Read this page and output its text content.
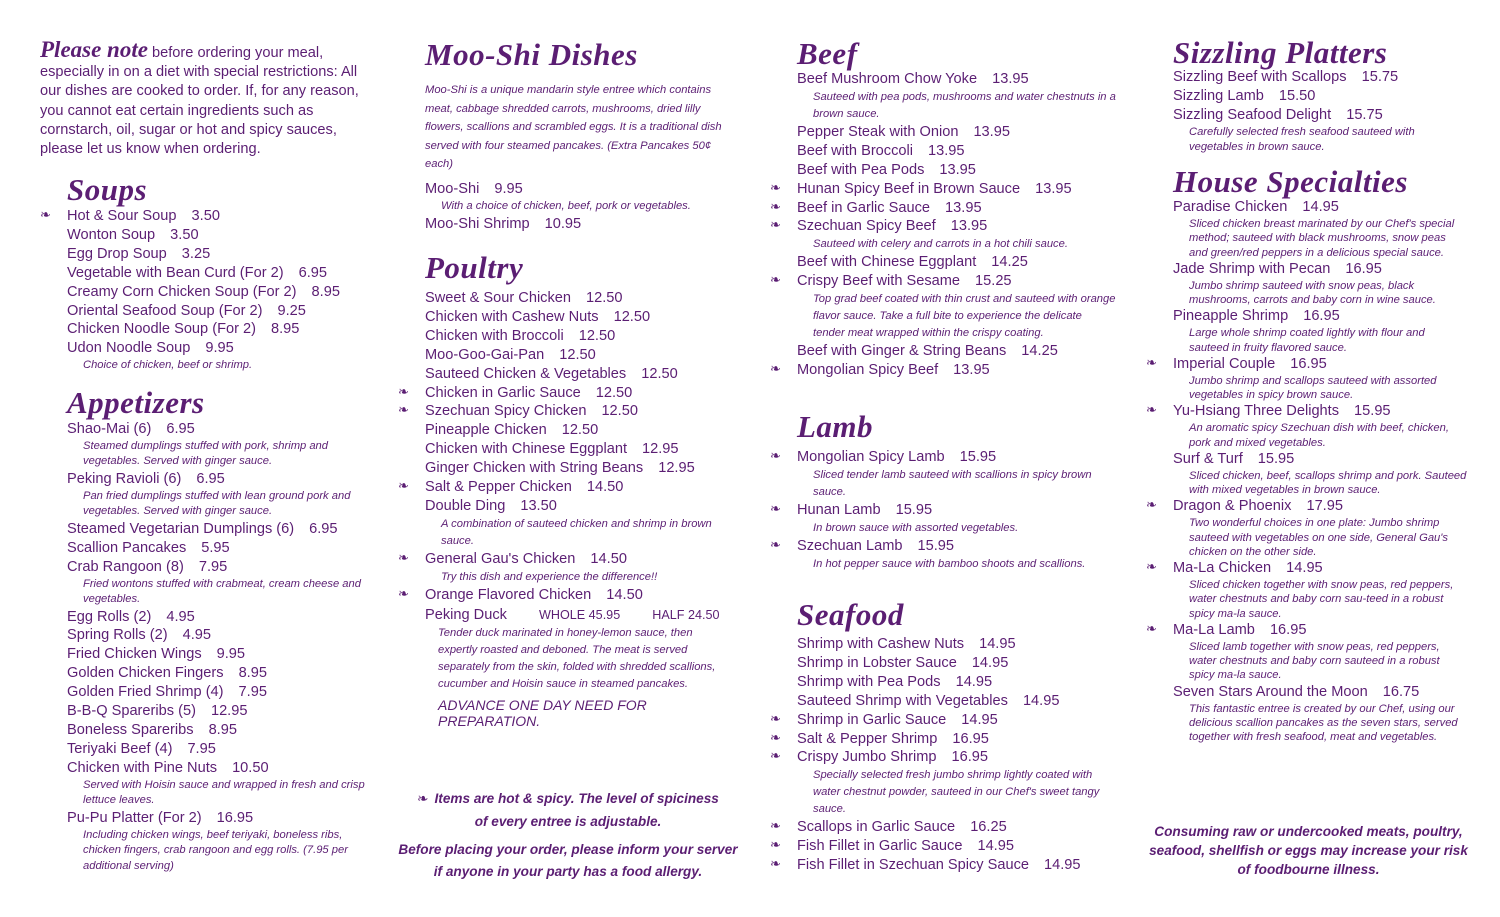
Please note before ordering your meal, especially in on a diet with special restrictions: All our dishes are cooked to order. If, for any reason, you cannot eat certain ingredients such as cornstarch, oil, sugar or hot and spicy sauces, please let us know when ordering.

Soups
❧ Hot & Sour Soup 3.50
Wonton Soup 3.50
Egg Drop Soup 3.25
Vegetable with Bean Curd (For 2) 6.95
Creamy Corn Chicken Soup (For 2) 8.95
Oriental Seafood Soup (For 2) 9.25
Chicken Noodle Soup (For 2) 8.95
Udon Noodle Soup 9.95
Choice of chicken, beef or shrimp.
Appetizers
Shao-Mai (6) 6.95
Steamed dumplings stuffed with pork, shrimp and vegetables. Served with ginger sauce.
Peking Ravioli (6) 6.95
Pan fried dumplings stuffed with lean ground pork and vegetables. Served with ginger sauce.
Steamed Vegetarian Dumplings (6) 6.95
Scallion Pancakes 5.95
Crab Rangoon (8) 7.95
Fried wontons stuffed with crabmeat, cream cheese and vegetables.
Egg Rolls (2) 4.95
Spring Rolls (2) 4.95
Fried Chicken Wings 9.95
Golden Chicken Fingers 8.95
Golden Fried Shrimp (4) 7.95
B-B-Q Spareribs (5) 12.95
Boneless Spareribs 8.95
Teriyaki Beef (4) 7.95
Chicken with Pine Nuts 10.50
Served with Hoisin sauce and wrapped in fresh and crisp lettuce leaves.
Pu-Pu Platter (For 2) 16.95
Including chicken wings, beef teriyaki, boneless ribs, chicken fingers, crab rangoon and egg rolls. (7.95 per additional serving)
Moo-Shi Dishes

Moo-Shi is a unique mandarin style entree which contains meat, cabbage shredded carrots, mushrooms, dried lilly flowers, scallions and scrambled eggs. It is a traditional dish served with four steamed pancakes. (Extra Pancakes 50¢ each)

Moo-Shi 9.95
With a choice of chicken, beef, pork or vegetables.
Moo-Shi Shrimp 10.95
Poultry
Sweet & Sour Chicken 12.50
Chicken with Cashew Nuts 12.50
Chicken with Broccoli 12.50
Moo-Goo-Gai-Pan 12.50
Sauteed Chicken & Vegetables 12.50
❧ Chicken in Garlic Sauce 12.50
❧ Szechuan Spicy Chicken 12.50
Pineapple Chicken 12.50
Chicken with Chinese Eggplant 12.95
Ginger Chicken with String Beans 12.95
❧ Salt & Pepper Chicken 14.50
Double Ding 13.50
A combination of sauteed chicken and shrimp in brown sauce.
❧ General Gau's Chicken 14.50
Try this dish and experience the difference!!
❧ Orange Flavored Chicken 14.50
Peking Duck	WHOLE 45.95	HALF 24.50

Tender duck marinated in honey-lemon sauce, then expertly roasted and deboned. The meat is served separately from the skin, folded with shredded scallions, cucumber and Hoisin sauce in steamed pancakes.

ADVANCE ONE DAY NEED FOR PREPARATION.

❧ Items are hot & spicy. The level of spiciness
of every entree is adjustable.
Before placing your order, please inform your server
if anyone in your party has a food allergy.
Beef
Beef Mushroom Chow Yoke 13.95
Sauteed with pea pods, mushrooms and water chestnuts in a brown sauce.
Pepper Steak with Onion 13.95
Beef with Broccoli 13.95
Beef with Pea Pods 13.95
❧ Hunan Spicy Beef in Brown Sauce 13.95
❧ Beef in Garlic Sauce 13.95
❧ Szechuan Spicy Beef 13.95
Sauteed with celery and carrots in a hot chili sauce.
Beef with Chinese Eggplant 14.25
❧ Crispy Beef with Sesame 15.25
Top grad beef coated with thin crust and sauteed with orange flavor sauce. Take a full bite to experience the delicate tender meat wrapped within the crispy coating.
Beef with Ginger & String Beans 14.25
❧ Mongolian Spicy Beef 13.95
Lamb
❧ Mongolian Spicy Lamb 15.95
Sliced tender lamb sauteed with scallions in spicy brown sauce.
❧ Hunan Lamb 15.95
In brown sauce with assorted vegetables.
❧ Szechuan Lamb 15.95
In hot pepper sauce with bamboo shoots and scallions.
Seafood
Shrimp with Cashew Nuts 14.95
Shrimp in Lobster Sauce 14.95
Shrimp with Pea Pods 14.95
Sauteed Shrimp with Vegetables 14.95
❧ Shrimp in Garlic Sauce 14.95
❧ Salt & Pepper Shrimp 16.95
❧ Crispy Jumbo Shrimp 16.95
Specially selected fresh jumbo shrimp lightly coated with water chestnut powder, sauteed in our Chef's sweet tangy sauce.
❧ Scallops in Garlic Sauce 16.25
❧ Fish Fillet in Garlic Sauce 14.95
❧ Fish Fillet in Szechuan Spicy Sauce 14.95
Sizzling Platters
Sizzling Beef with Scallops 15.75
Sizzling Lamb 15.50
Sizzling Seafood Delight 15.75
Carefully selected fresh seafood sauteed with vegetables in brown sauce.
House Specialties
Paradise Chicken 14.95
Sliced chicken breast marinated by our Chef's special method; sauteed with black mushrooms, snow peas and green/red peppers in a delicious special sauce.
Jade Shrimp with Pecan 16.95
Jumbo shrimp sauteed with snow peas, black mushrooms, carrots and baby corn in wine sauce.
Pineapple Shrimp 16.95
Large whole shrimp coated lightly with flour and sauteed in fruity flavored sauce.
❧ Imperial Couple 16.95
Jumbo shrimp and scallops sauteed with assorted vegetables in spicy brown sauce.
❧ Yu-Hsiang Three Delights 15.95
An aromatic spicy Szechuan dish with beef, chicken, pork and mixed vegetables.
Surf & Turf 15.95
Sliced chicken, beef, scallops shrimp and pork. Sauteed with mixed vegetables in brown sauce.
❧ Dragon & Phoenix 17.95
Two wonderful choices in one plate: Jumbo shrimp sauteed with vegetables on one side, General Gau's chicken on the other side.
❧ Ma-La Chicken 14.95
Sliced chicken together with snow peas, red peppers, water chestnuts and baby corn sau-teed in a robust spicy ma-la sauce.
❧ Ma-La Lamb 16.95
Sliced lamb together with snow peas, red peppers, water chestnuts and baby corn sauteed in a robust spicy ma-la sauce.
Seven Stars Around the Moon 16.75
This fantastic entree is created by our Chef, using our delicious scallion pancakes as the seven stars, served together with fresh seafood, meat and vegetables.
Consuming raw or undercooked meats, poultry,
seafood, shellfish or eggs may increase your risk
of foodbourne illness.
